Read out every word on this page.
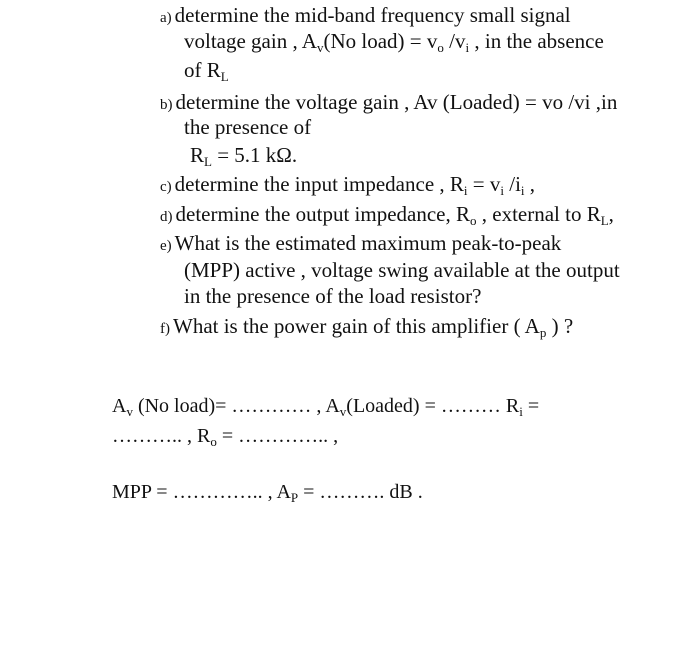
a) determine the mid-band frequency small signal
voltage gain , $A_v(No$ load) = $v_o$ $/v_i$ , in the absence
of $R_L$
b) determine the voltage gain , Av (Loaded) = vo /vi ,in
the presence of
$R_L = 5.1$ kΩ.
c) determine the input impedance , $R_i = v_i$ $/i_i$ ,
d) determine the output impedance, $R_o$ , external to $R_L$,
e) What is the estimated maximum peak-to-peak
(MPP) active , voltage swing available at the output
in the presence of the load resistor?
f) What is the power gain of this amplifier ( $A_p$ ) ?
$A_v$ (No load)= ………… , $A_v(Loaded)$ = ……… $R_i$ =
……….. , $R_o$ = ………….. ,
MPP = ………….. , $A_P$ = ………. dB .
